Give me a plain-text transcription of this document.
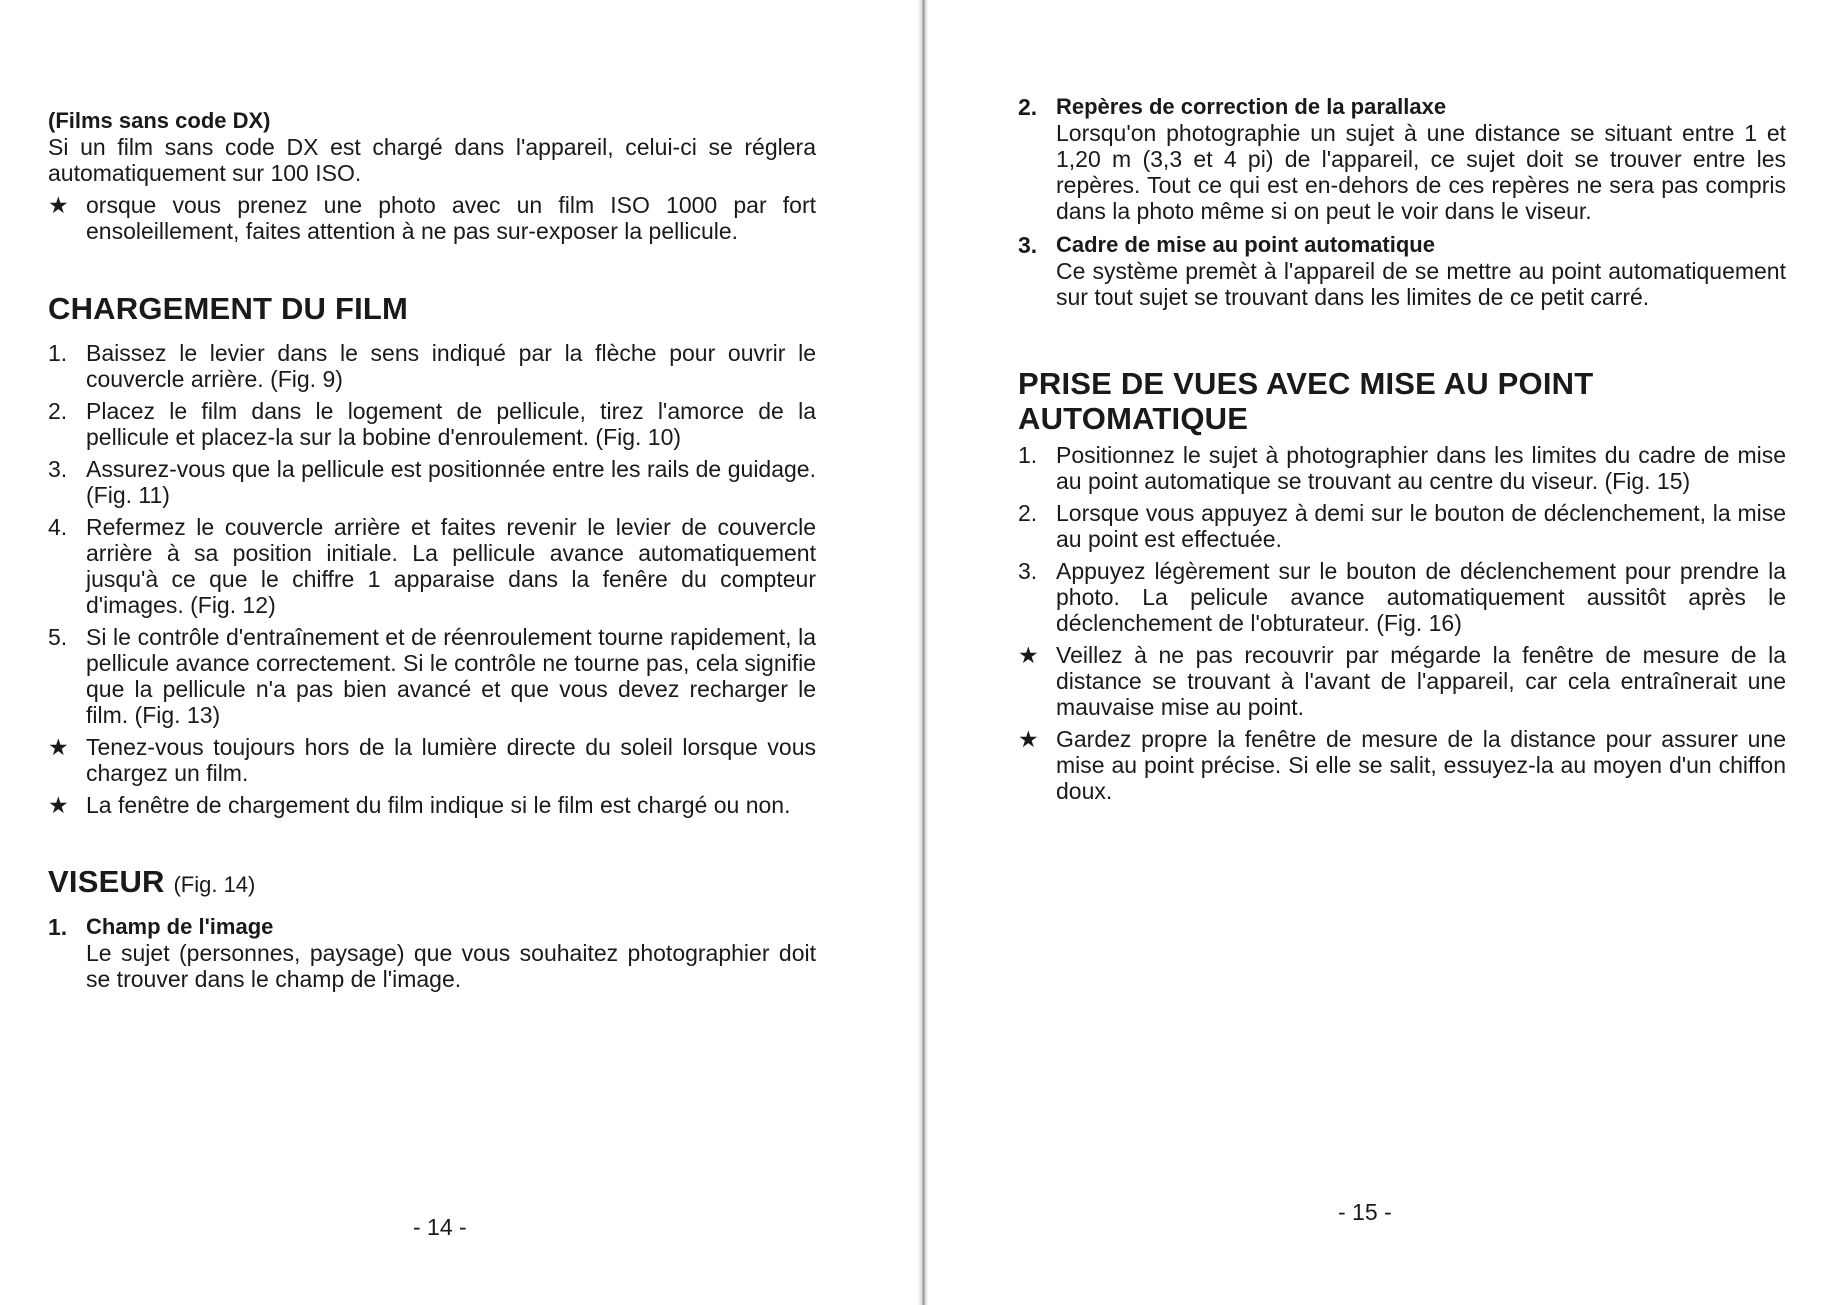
(Films sans code DX)
Si un film sans code DX est chargé dans l'appareil, celui-ci se réglera automatiquement sur 100 ISO.
★ orsque vous prenez une photo avec un film ISO 1000 par fort ensoleillement, faites attention à ne pas sur-exposer la pellicule.
CHARGEMENT DU FILM
1. Baissez le levier dans le sens indiqué par la flèche pour ouvrir le couvercle arrière. (Fig. 9)
2. Placez le film dans le logement de pellicule, tirez l'amorce de la pellicule et placez-la sur la bobine d'enroulement. (Fig. 10)
3. Assurez-vous que la pellicule est positionnée entre les rails de guidage. (Fig. 11)
4. Refermez le couvercle arrière et faites revenir le levier de couvercle arrière à sa position initiale. La pellicule avance automatiquement jusqu'à ce que le chiffre 1 apparaise dans la fenêre du compteur d'images. (Fig. 12)
5. Si le contrôle d'entraînement et de réenroulement tourne rapidement, la pellicule avance correctement. Si le contrôle ne tourne pas, cela signifie que la pellicule n'a pas bien avancé et que vous devez recharger le film. (Fig. 13)
★ Tenez-vous toujours hors de la lumière directe du soleil lorsque vous chargez un film.
★ La fenêtre de chargement du film indique si le film est chargé ou non.
VISEUR (Fig. 14)
1. Champ de l'image
Le sujet (personnes, paysage) que vous souhaitez photographier doit se trouver dans le champ de l'image.
- 14 -
2. Repères de correction de la parallaxe
Lorsqu'on photographie un sujet à une distance se situant entre 1 et 1,20 m (3,3 et 4 pi) de l'appareil, ce sujet doit se trouver entre les repères. Tout ce qui est en-dehors de ces repères ne sera pas compris dans la photo même si on peut le voir dans le viseur.
3. Cadre de mise au point automatique
Ce système premèt à l'appareil de se mettre au point automatiquement sur tout sujet se trouvant dans les limites de ce petit carré.
PRISE DE VUES AVEC MISE AU POINT AUTOMATIQUE
1. Positionnez le sujet à photographier dans les limites du cadre de mise au point automatique se trouvant au centre du viseur. (Fig. 15)
2. Lorsque vous appuyez à demi sur le bouton de déclenchement, la mise au point est effectuée.
3. Appuyez légèrement sur le bouton de déclenchement pour prendre la photo. La pelicule avance automatiquement aussitôt après le déclenchement de l'obturateur. (Fig. 16)
★ Veillez à ne pas recouvrir par mégarde la fenêtre de mesure de la distance se trouvant à l'avant de l'appareil, car cela entraînerait une mauvaise mise au point.
★ Gardez propre la fenêtre de mesure de la distance pour assurer une mise au point précise. Si elle se salit, essuyez-la au moyen d'un chiffon doux.
- 15 -
